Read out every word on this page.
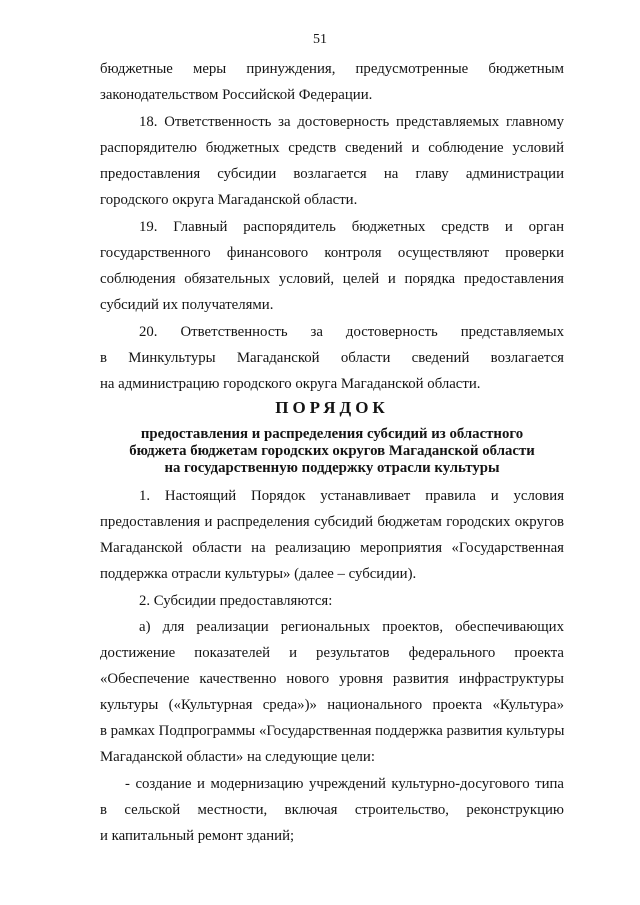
51
бюджетные меры принуждения, предусмотренные бюджетным
законодательством Российской Федерации.
18. Ответственность за достоверность представляемых главному
распорядителю бюджетных средств сведений и соблюдение условий
предоставления субсидии возлагается на главу администрации
городского округа Магаданской области.
19. Главный распорядитель бюджетных средств и орган
государственного финансового контроля осуществляют проверки
соблюдения обязательных условий, целей и порядка предоставления
субсидий их получателями.
20. Ответственность за достоверность представляемых
в Минкультуры Магаданской области сведений возлагается
на администрацию городского округа Магаданской области.
ПОРЯДОК
предоставления и распределения субсидий из областного
бюджета бюджетам городских округов Магаданской области
на государственную поддержку отрасли культуры
1. Настоящий Порядок устанавливает правила и условия
предоставления и распределения субсидий бюджетам городских округов
Магаданской области на реализацию мероприятия «Государственная
поддержка отрасли культуры» (далее – субсидии).
2. Субсидии предоставляются:
а) для реализации региональных проектов, обеспечивающих
достижение показателей и результатов федерального проекта
«Обеспечение качественно нового уровня развития инфраструктуры
культуры («Культурная среда»)» национального проекта «Культура»
в рамках Подпрограммы «Государственная поддержка развития культуры
Магаданской области» на следующие цели:
- создание и модернизацию учреждений культурно-досугового типа
в сельской местности, включая строительство, реконструкцию
и капитальный ремонт зданий;
